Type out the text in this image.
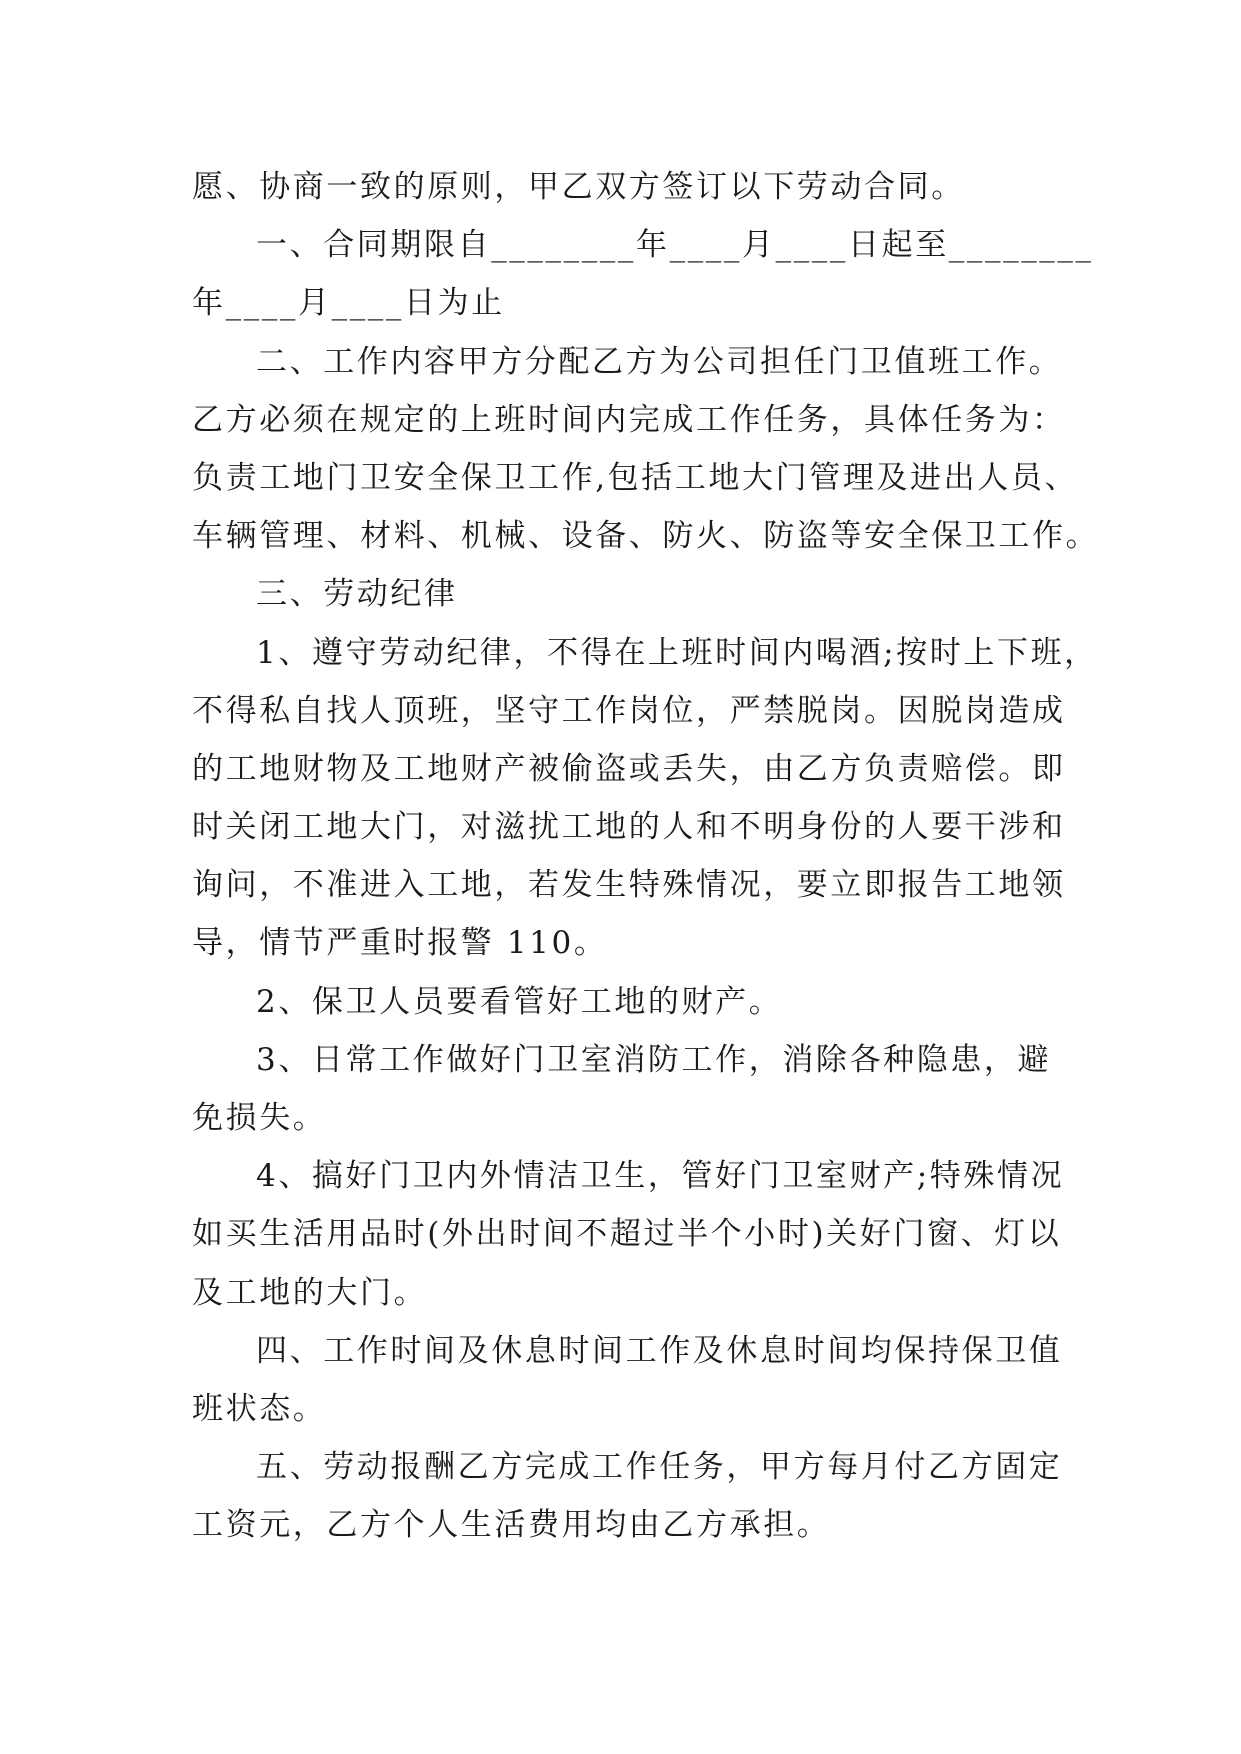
愿、协商一致的原则，甲乙双方签订以下劳动合同。
一、合同期限自________年____月____日起至________
年____月____日为止
二、工作内容甲方分配乙方为公司担任门卫值班工作。
乙方必须在规定的上班时间内完成工作任务，具体任务为：
负责工地门卫安全保卫工作,包括工地大门管理及进出人员、
车辆管理、材料、机械、设备、防火、防盗等安全保卫工作。
三、劳动纪律
1、遵守劳动纪律，不得在上班时间内喝酒;按时上下班，
不得私自找人顶班，坚守工作岗位，严禁脱岗。因脱岗造成
的工地财物及工地财产被偷盗或丢失，由乙方负责赔偿。即
时关闭工地大门，对滋扰工地的人和不明身份的人要干涉和
询问，不准进入工地，若发生特殊情况，要立即报告工地领
导，情节严重时报警 110。
2、保卫人员要看管好工地的财产。
3、日常工作做好门卫室消防工作，消除各种隐患，避
免损失。
4、搞好门卫内外情洁卫生，管好门卫室财产;特殊情况
如买生活用品时(外出时间不超过半个小时)关好门窗、灯以
及工地的大门。
四、工作时间及休息时间工作及休息时间均保持保卫值
班状态。
五、劳动报酬乙方完成工作任务，甲方每月付乙方固定
工资元，乙方个人生活费用均由乙方承担。
